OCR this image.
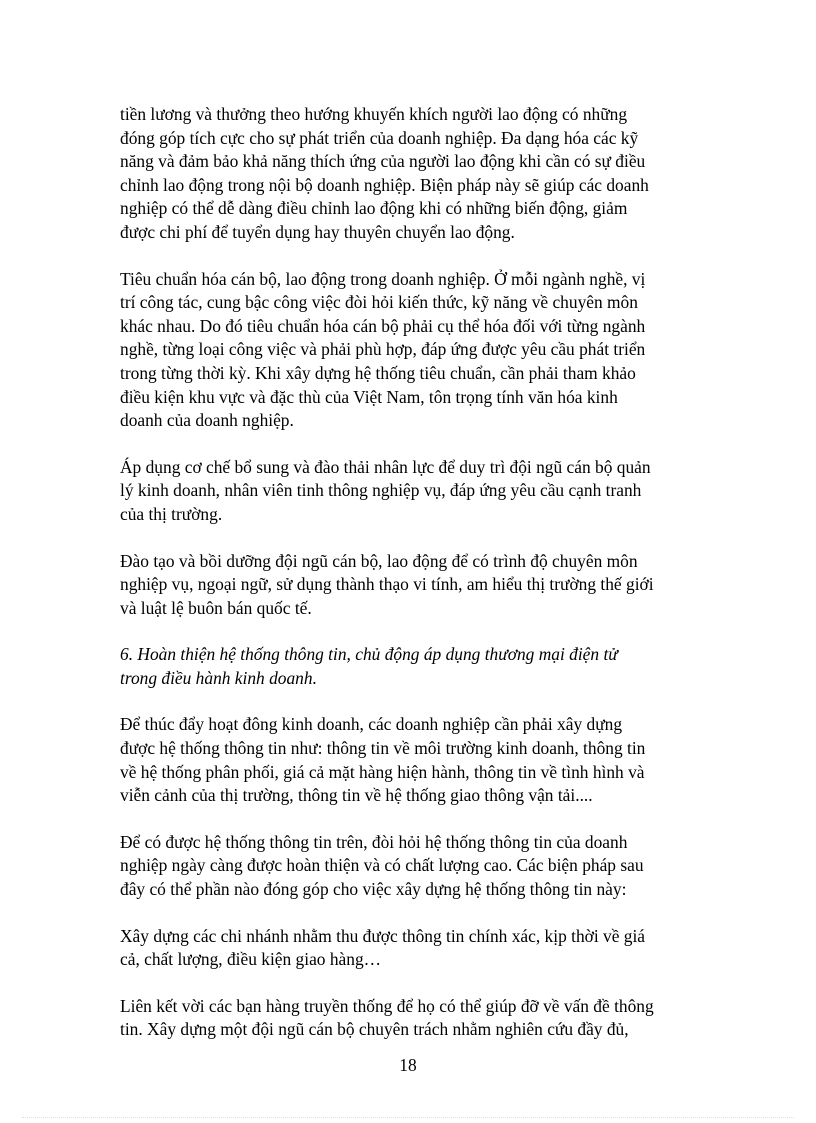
tiền lương và thưởng theo hướng khuyến khích người lao động có những
đóng góp tích cực cho sự phát triển của doanh nghiệp. Đa dạng hóa các kỹ
năng và đảm bảo khả năng thích ứng của người lao động khi cần có sự điều
chỉnh lao động trong nội bộ doanh nghiệp. Biện pháp này sẽ giúp các doanh
nghiệp có thể dễ dàng điều chỉnh lao động khi có những biến động, giảm
được chi phí để tuyển dụng hay thuyên chuyển lao động.

Tiêu chuẩn hóa cán bộ, lao động trong doanh nghiệp. Ở mỗi ngành nghề, vị
trí công tác, cung bậc công việc đòi hỏi kiến thức, kỹ năng về chuyên môn
khác nhau. Do đó tiêu chuẩn hóa cán bộ phải cụ thể hóa đối với từng ngành
nghề, từng loại công việc và phải phù hợp, đáp ứng được yêu cầu phát triển
trong từng thời kỳ. Khi xây dựng hệ thống tiêu chuẩn, cần phải tham khảo
điều kiện khu vực và đặc thù của Việt Nam, tôn trọng tính văn hóa kinh
doanh của doanh nghiệp.

Áp dụng cơ chế bổ sung và đào thải nhân lực để duy trì đội ngũ cán bộ quản
lý kinh doanh, nhân viên tinh thông nghiệp vụ, đáp ứng yêu cầu cạnh tranh
của thị trường.

Đào tạo và bồi dưỡng đội ngũ cán bộ, lao động để có trình độ chuyên môn
nghiệp vụ, ngoại ngữ, sử dụng thành thạo vi tính, am hiểu thị trường thế giới
và luật lệ buôn bán quốc tế.

6. Hoàn thiện hệ thống thông tin, chủ động áp dụng thương mại điện tử
trong điều hành kinh doanh.

Để thúc đẩy hoạt đông kinh doanh, các doanh nghiệp cần phải xây dựng
được hệ thống thông tin như: thông tin về môi trường kinh doanh, thông tin
về hệ thống phân phối, giá cả mặt hàng hiện hành, thông tin về tình hình và
viễn cảnh của thị trường, thông tin về hệ thống giao thông vận tải....

Để có được hệ thống thông tin trên, đòi hỏi hệ thống thông tin của doanh
nghiệp ngày càng được hoàn thiện và có chất lượng cao. Các biện pháp sau
đây có thể phần nào đóng góp cho việc xây dựng hệ thống thông tin này:

Xây dựng các chi nhánh nhằm thu được thông tin chính xác, kịp thời về giá
cả, chất lượng, điều kiện giao hàng…

Liên kết vời các bạn hàng truyền thống để họ có thể giúp đỡ về vấn đề thông
tin. Xây dựng một đội ngũ cán bộ chuyên trách nhằm nghiên cứu đầy đủ,

18
